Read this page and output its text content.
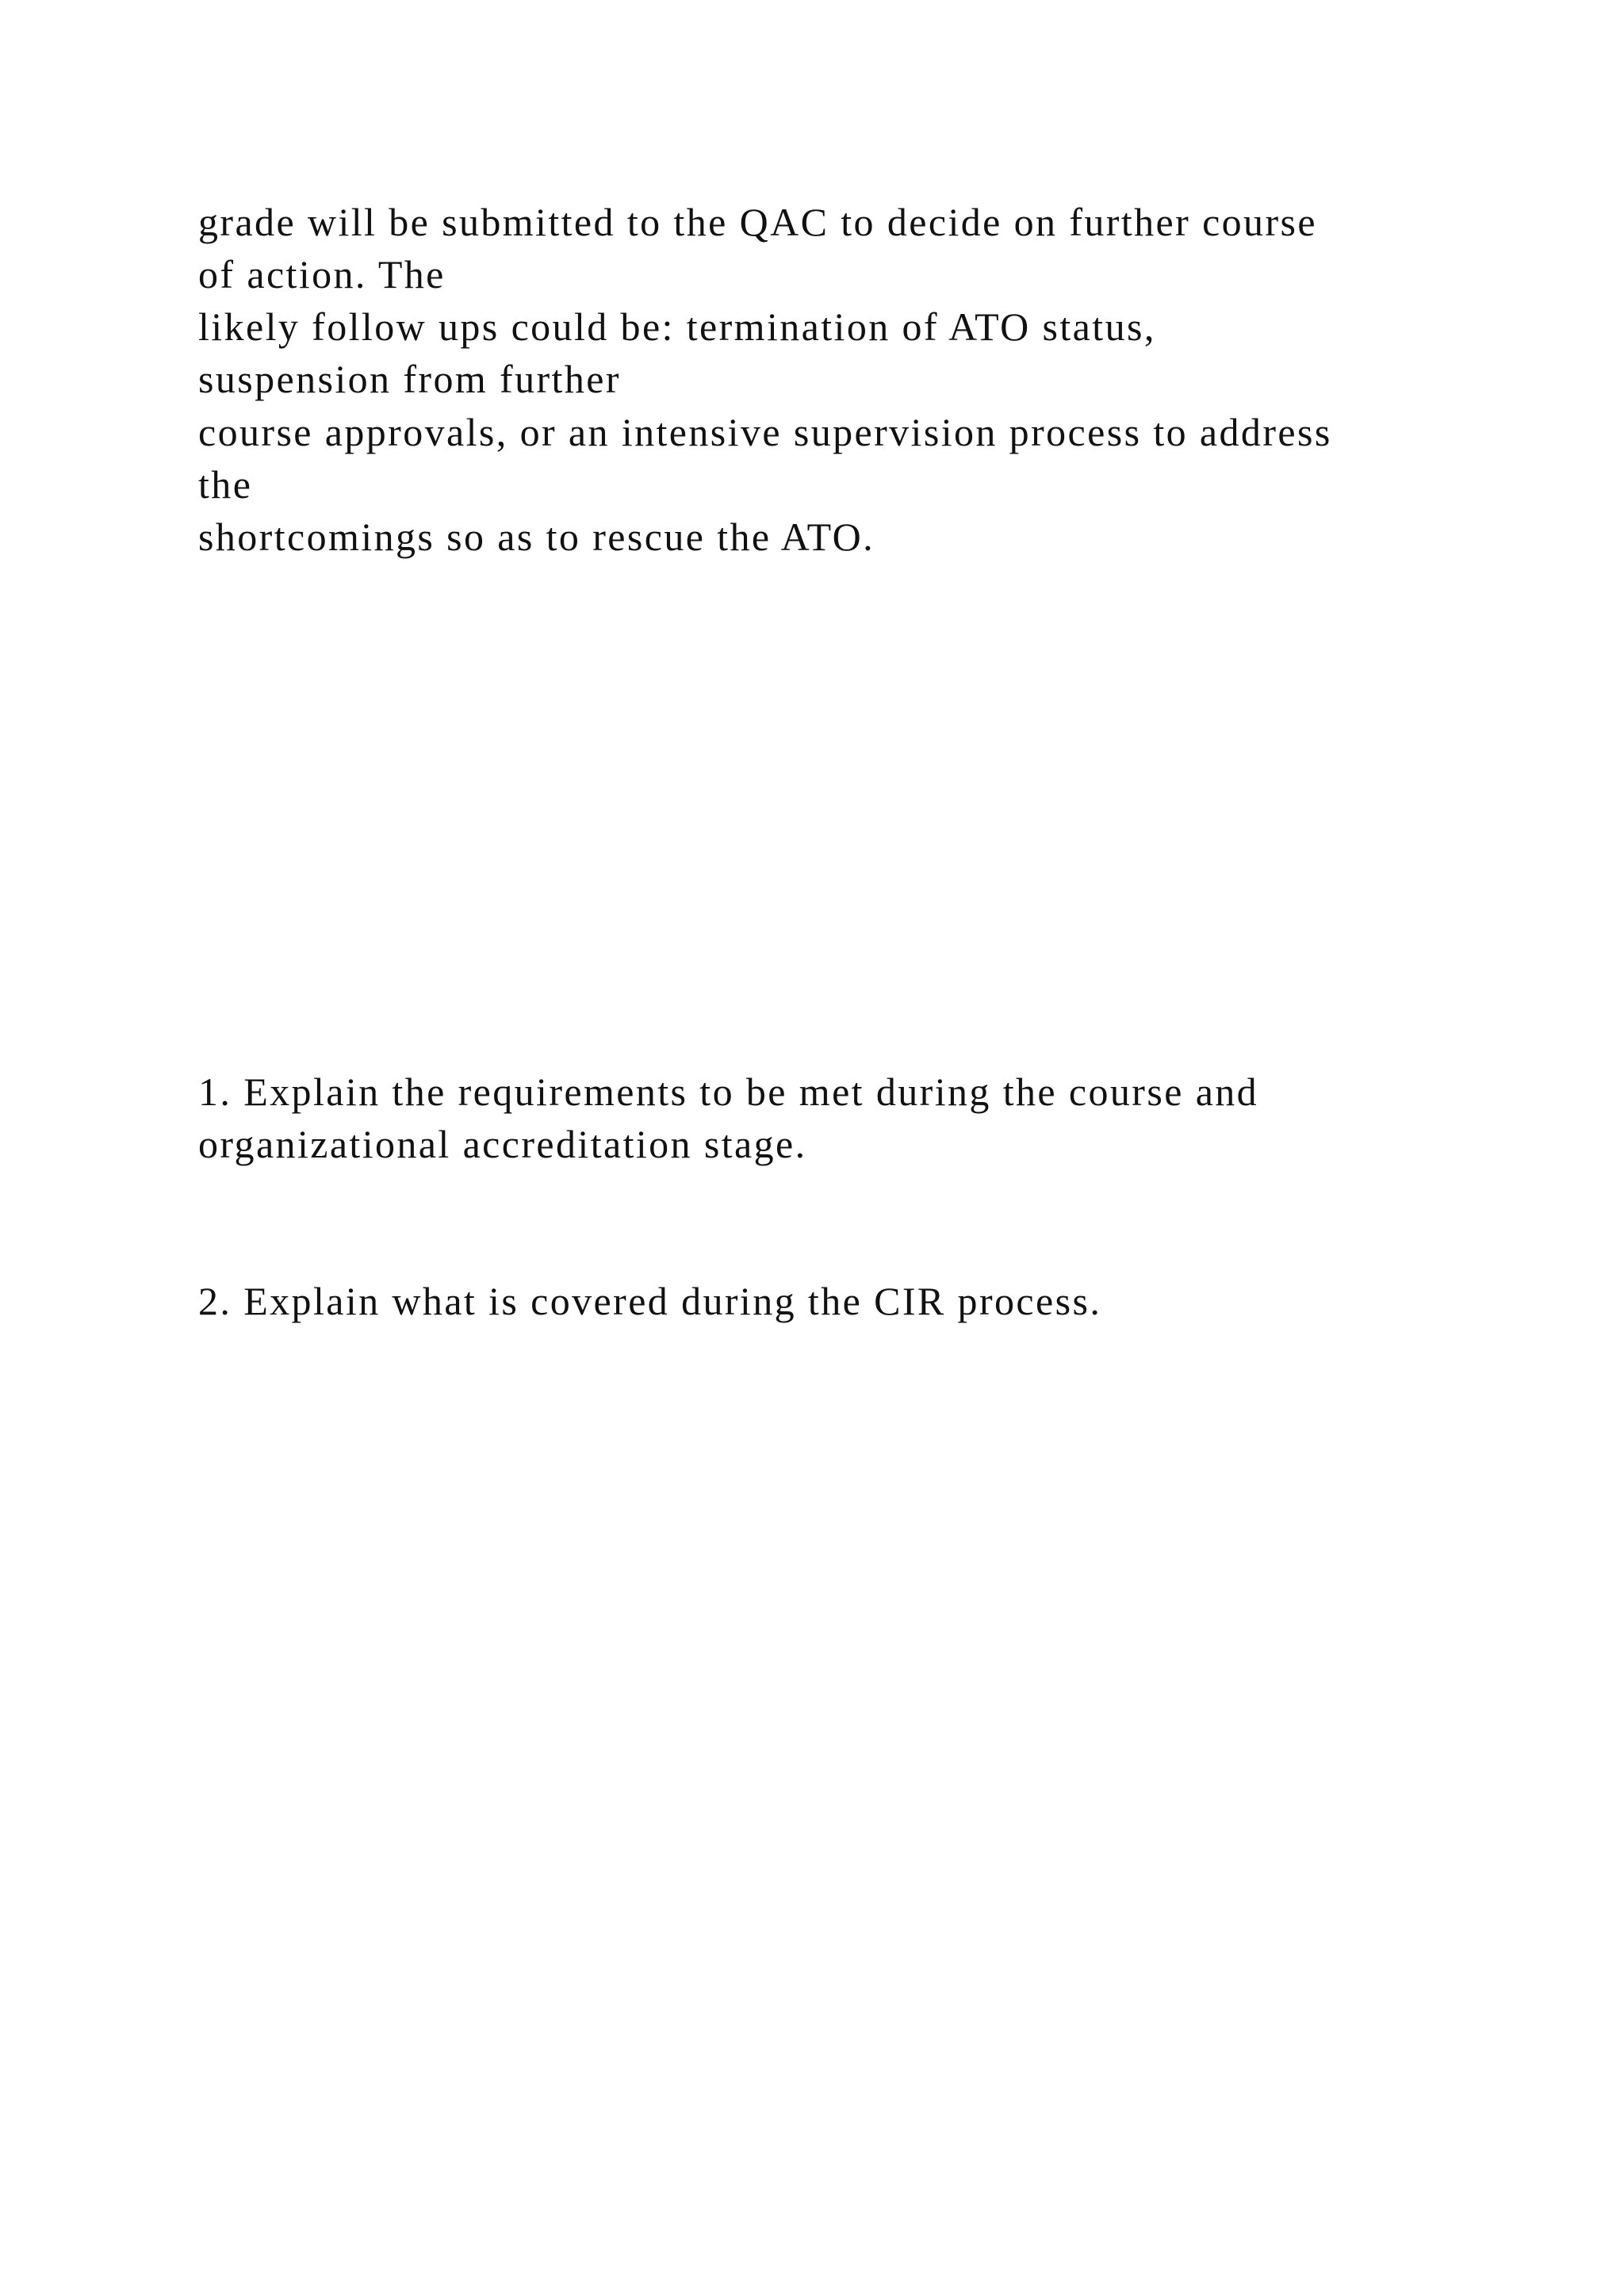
grade will be submitted to the QAC to decide on further course

of action. The

likely follow ups could be: termination of ATO status,

suspension from further

course approvals, or an intensive supervision process to address

the

shortcomings so as to rescue the ATO.

1. Explain the requirements to be met during the course and

organizational accreditation stage.

2. Explain what is covered during the CIR process.
